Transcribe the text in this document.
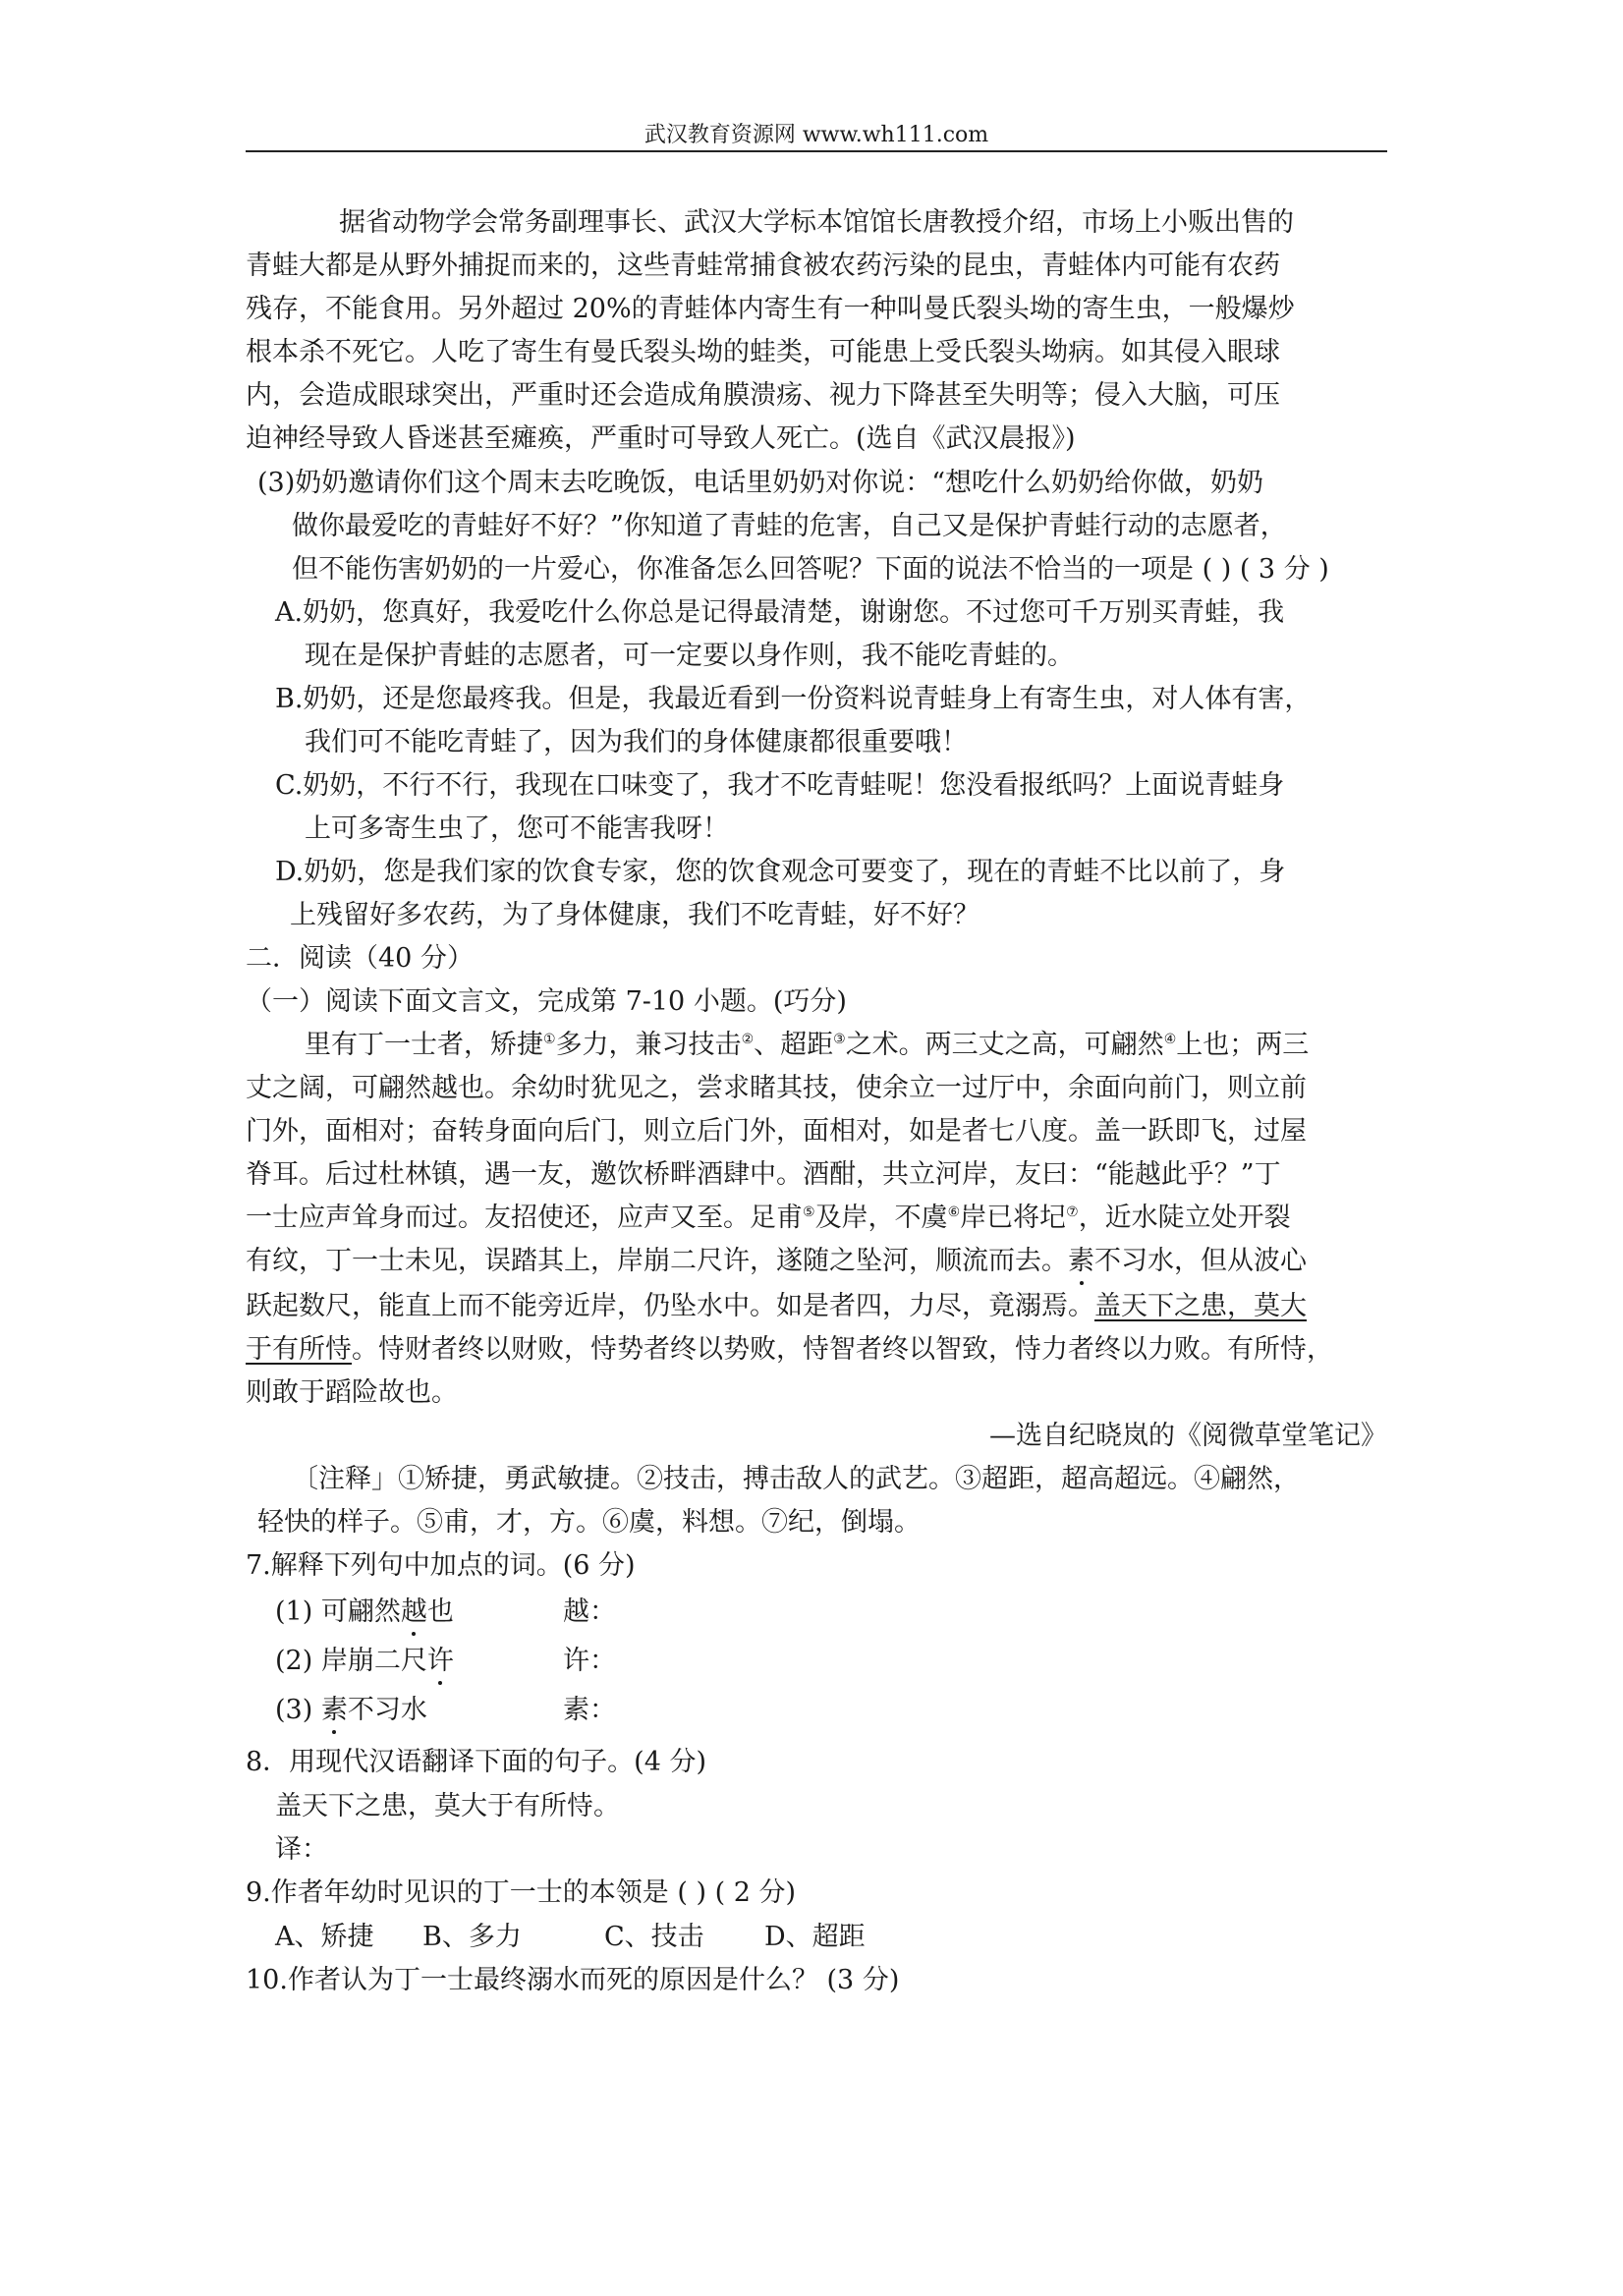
武汉教育资源网 www.wh111.com
据省动物学会常务副理事长、武汉大学标本馆馆长唐教授介绍，市场上小贩出售的
青蛙大都是从野外捕捉而来的，这些青蛙常捕食被农药污染的昆虫，青蛙体内可能有农药
残存，不能食用。另外超过 20%的青蛙体内寄生有一种叫曼氏裂头坳的寄生虫，一般爆炒
根本杀不死它。人吃了寄生有曼氏裂头坳的蛙类，可能患上受氏裂头坳病。如其侵入眼球
内，会造成眼球突出，严重时还会造成角膜溃疡、视力下降甚至失明等；侵入大脑，可压
迫神经导致人昏迷甚至瘫痪，严重时可导致人死亡。(选自《武汉晨报》)
(3)奶奶邀请你们这个周末去吃晚饭，电话里奶奶对你说：“想吃什么奶奶给你做，奶奶
做你最爱吃的青蛙好不好？”你知道了青蛙的危害，自己又是保护青蛙行动的志愿者，
但不能伤害奶奶的一片爱心，你准备怎么回答呢？下面的说法不恰当的一项是 ( ) ( 3 分 )
A.奶奶，您真好，我爱吃什么你总是记得最清楚，谢谢您。不过您可千万别买青蛙，我
现在是保护青蛙的志愿者，可一定要以身作则，我不能吃青蛙的。
B.奶奶，还是您最疼我。但是，我最近看到一份资料说青蛙身上有寄生虫，对人体有害，
我们可不能吃青蛙了，因为我们的身体健康都很重要哦！
C.奶奶，不行不行，我现在口味变了，我才不吃青蛙呢！您没看报纸吗？上面说青蛙身
上可多寄生虫了，您可不能害我呀！
D.奶奶，您是我们家的饮食专家，您的饮食观念可要变了，现在的青蛙不比以前了，身
上残留好多农药，为了身体健康，我们不吃青蛙，好不好？
二．阅读（40 分）
（一）阅读下面文言文，完成第 7-10 小题。(巧分)
里有丁一士者，矫捷①多力，兼习技击②、超距③之术。两三丈之高，可翩然④上也；两三
丈之阔，可翩然越也。余幼时犹见之，尝求睹其技，使余立一过厅中，余面向前门，则立前
门外，面相对；奋转身面向后门，则立后门外，面相对，如是者七八度。盖一跃即飞，过屋
脊耳。后过杜林镇，遇一友，邀饮桥畔酒肆中。酒酣，共立河岸，友曰：“能越此乎？”丁
一士应声耸身而过。友招使还，应声又至。足甫⑤及岸，不虞⑥岸已将圮⑦，近水陡立处开裂
有纹，丁一士未见，误踏其上，岸崩二尺许，遂随之坠河，顺流而去。素不习水，但从波心
跃起数尺，能直上而不能旁近岸，仍坠水中。如是者四，力尽，竟溺焉。盖天下之患，莫大
于有所恃。恃财者终以财败，恃势者终以势败，恃智者终以智致，恃力者终以力败。有所恃，
则敢于蹈险故也。
—选自纪晓岚的《阅微草堂笔记》
〔注释」①矫捷，勇武敏捷。②技击，搏击敌人的武艺。③超距，超高超远。④翩然，
轻快的样子。⑤甫，才，方。⑥虞，料想。⑦纪，倒塌。
7.解释下列句中加点的词。(6 分)
(1) 可翩然越也	越：
(2) 岸崩二尺许	许：
(3) 素不习水	素：
8．用现代汉语翻译下面的句子。(4 分)
盖天下之患，莫大于有所恃。
译：
9.作者年幼时见识的丁一士的本领是 ( ) ( 2 分)
A、矫捷 B、多力	C、技击 D、超距
10.作者认为丁一士最终溺水而死的原因是什么？ (3 分)
